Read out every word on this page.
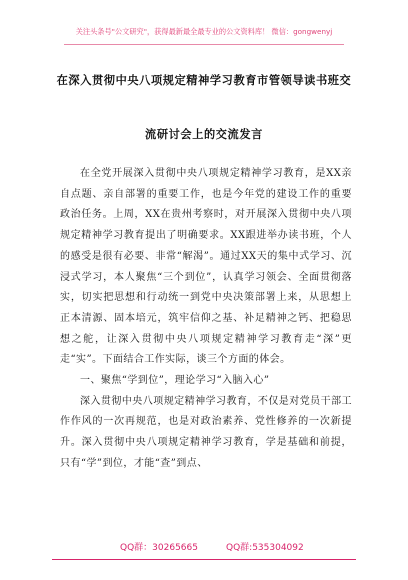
关注头条号"公文研究"，获得最新最全最专业的公文资料库！ 微信：gongwenyj
在深入贯彻中央八项规定精神学习教育市管领导读书班交
流研讨会上的交流发言

在全党开展深入贯彻中央八项规定精神学习教育，是XX亲自点题、亲自部署的重要工作，也是今年党的建设工作的重要政治任务。上周，XX在贵州考察时，对开展深入贯彻中央八项规定精神学习教育提出了明确要求。XX跟进举办读书班，个人的感受是很有必要、非常“解渴”。通过XX天的集中式学习、沉浸式学习，本人聚焦“三个到位”，认真学习领会、全面贯彻落实，切实把思想和行动统一到党中央决策部署上来，从思想上正本清源、固本培元，筑牢信仰之基、补足精神之钙、把稳思想之舵，让深入贯彻中央八项规定精神学习教育走“深”更走“实”。下面结合工作实际，谈三个方面的体会。

一、聚焦“学到位”，理论学习“入脑入心”

深入贯彻中央八项规定精神学习教育，不仅是对党员干部工作作风的一次再规范，也是对政治素养、党性修养的一次新提升。深入贯彻中央八项规定精神学习教育，学是基础和前提，只有“学”到位，才能“查”到点、

QQ群：30265665	QQ群:535304092
